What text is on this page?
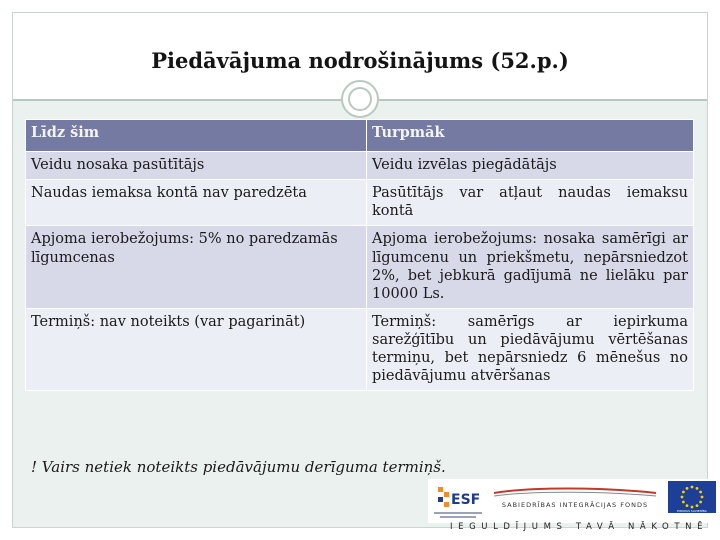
Piedāvājuma nodrošinājums (52.p.)
Līdz šim	Turpmāk
Veidu nosaka pasūtītājs	Veidu izvēlas piegādātājs
Naudas iemaksa kontā nav paredzēta	Pasūtītājs var atļaut naudas iemaksu kontā
Apjoma ierobežojums: 5% no paredzamās līgumcenas	Apjoma ierobežojums: nosaka samērīgi ar līgumcenu un priekšmetu, nepārsniedzot 2%, bet jebkurā gadījumā ne lielāku par 10000 Ls.
Termiņš: nav noteikts (var pagarināt)	Termiņš: samērīgs ar iepirkuma sarežģītību un piedāvājumu vērtēšanas termiņu, bet nepārsniedz 6 mēnešus no piedāvājumu atvēršanas
! Vairs netiek noteikts piedāvājumu derīguma termiņš.
ESF	SABIEDRĪBAS INTEGRĀCIJAS FONDS
EIROPAS SAVIENĪBA
IEGULDĪJUMS TAVĀ NĀKOTNĒ
